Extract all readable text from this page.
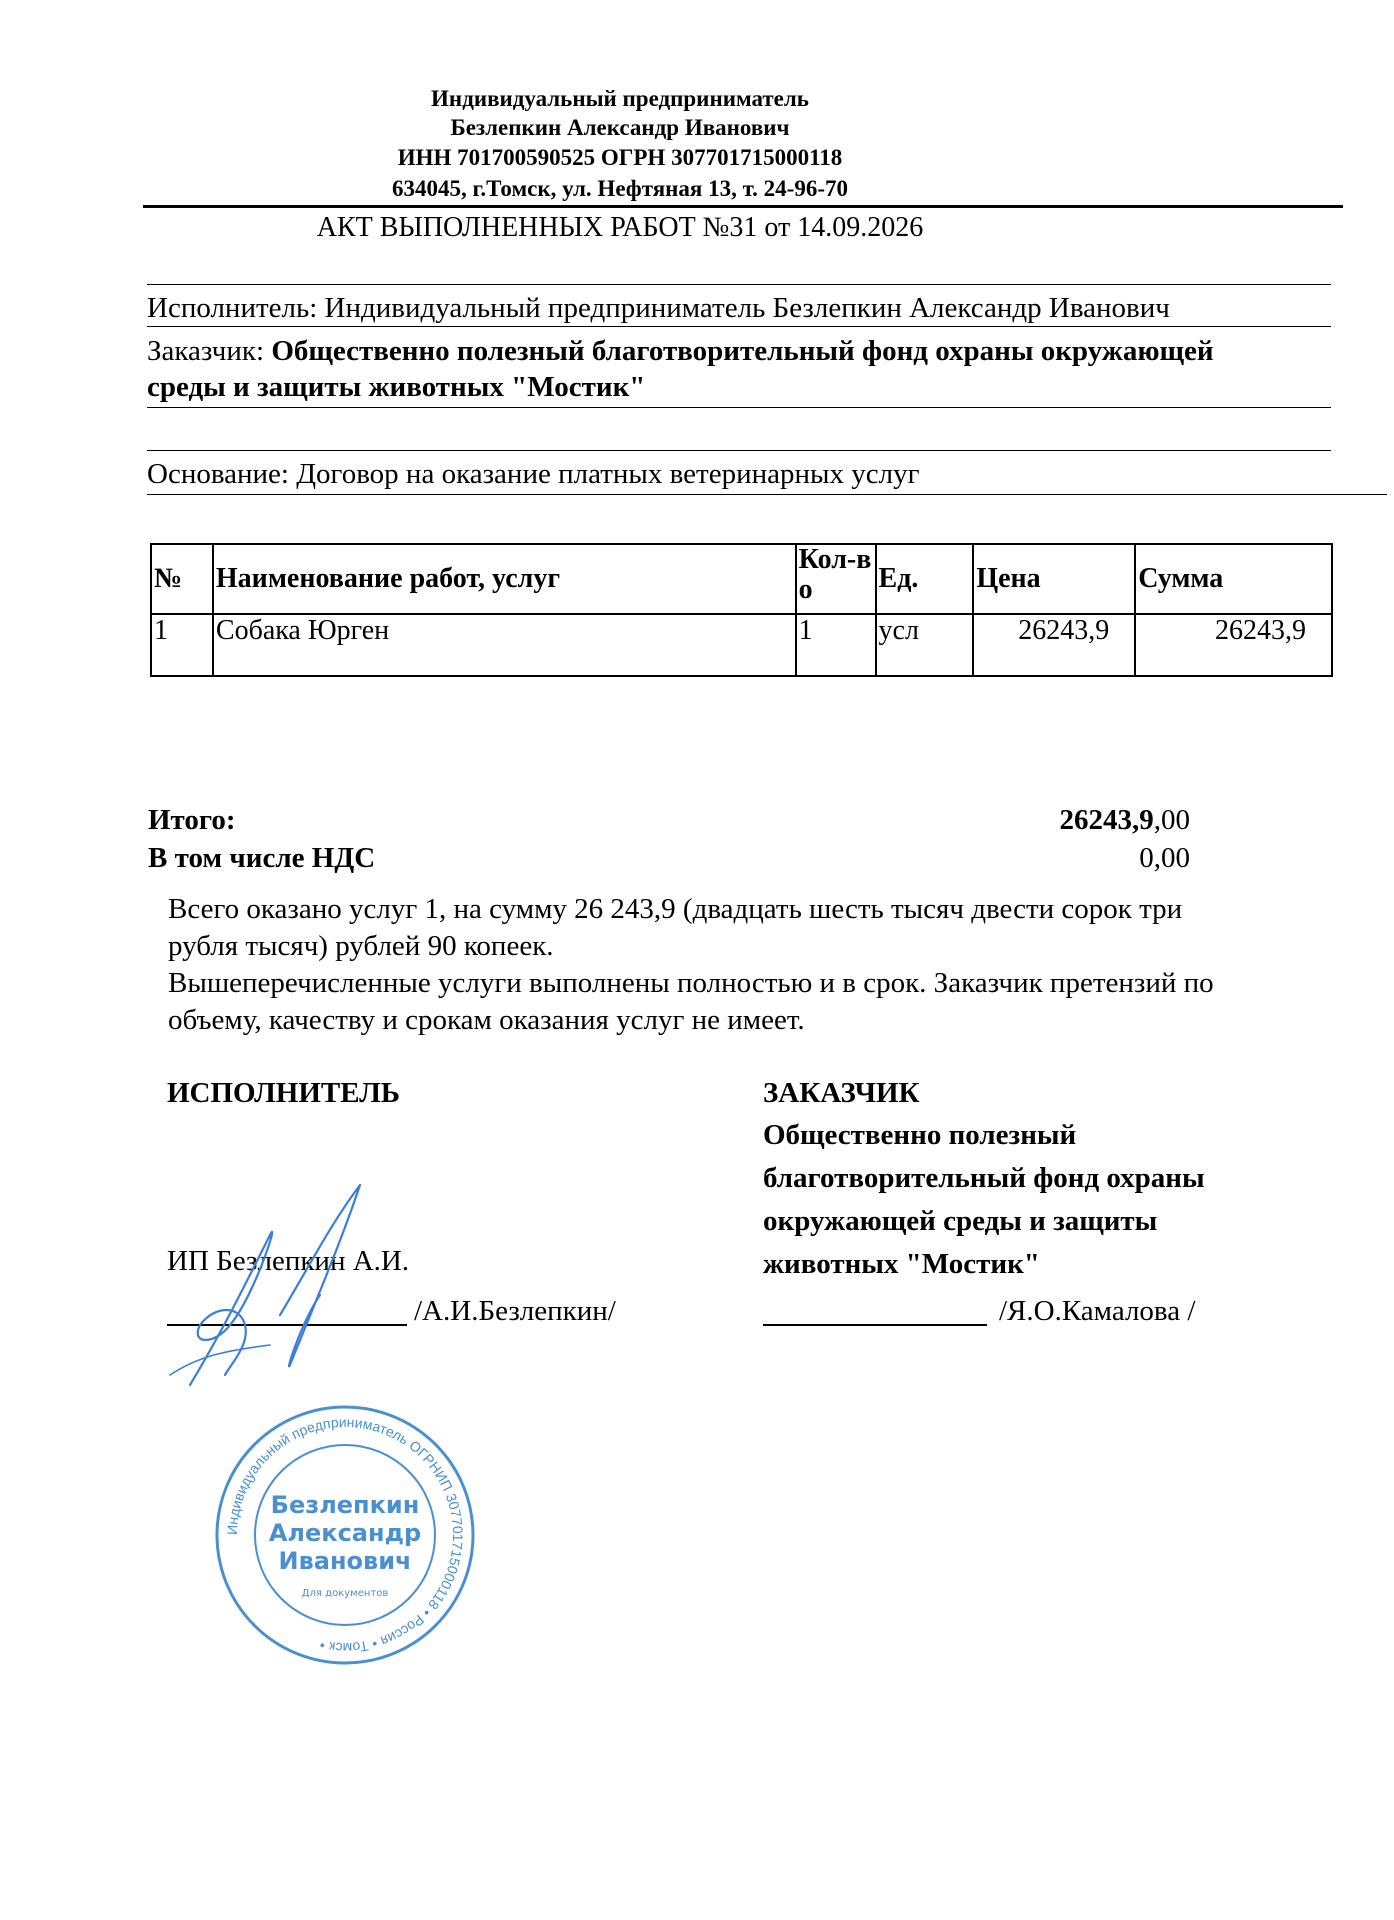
Индивидуальный предприниматель
Безлепкин Александр Иванович
ИНН 701700590525 ОГРН 307701715000118
634045, г.Томск, ул. Нефтяная 13, т. 24-96-70
АКТ ВЫПОЛНЕННЫХ РАБОТ №31 от 14.09.2026
Исполнитель: Индивидуальный предприниматель Безлепкин Александр Иванович
Заказчик: Общественно полезный благотворительный фонд охраны окружающей
среды и защиты животных "Мостик"
Основание: Договор на оказание платных ветеринарных услуг
№	Наименование работ, услуг	Кол-во	Ед.	Цена	Сумма
1	Собака Юрген	1	усл	26243,9	26243,9
Итого:	26243,9,00
В том числе НДС	0,00
Всего оказано услуг 1, на сумму 26 243,9 (двадцать шесть тысяч двести сорок три
рубля тысяч) рублей 90 копеек.
Вышеперечисленные услуги выполнены полностью и в срок. Заказчик претензий по
объему, качеству и срокам оказания услуг не имеет.
ИСПОЛНИТЕЛЬ
ИП Безлепкин А.И.
/А.И.Безлепкин/
ЗАКАЗЧИК
Общественно полезный
благотворительный фонд охраны
окружающей среды и защиты
животных "Мостик"
/Я.О.Камалова /
Индивидуальный предприниматель ОГРНИП 307701715000118 • Россия • Томск •
Безлепкин
Александр
Иванович
Для документов
